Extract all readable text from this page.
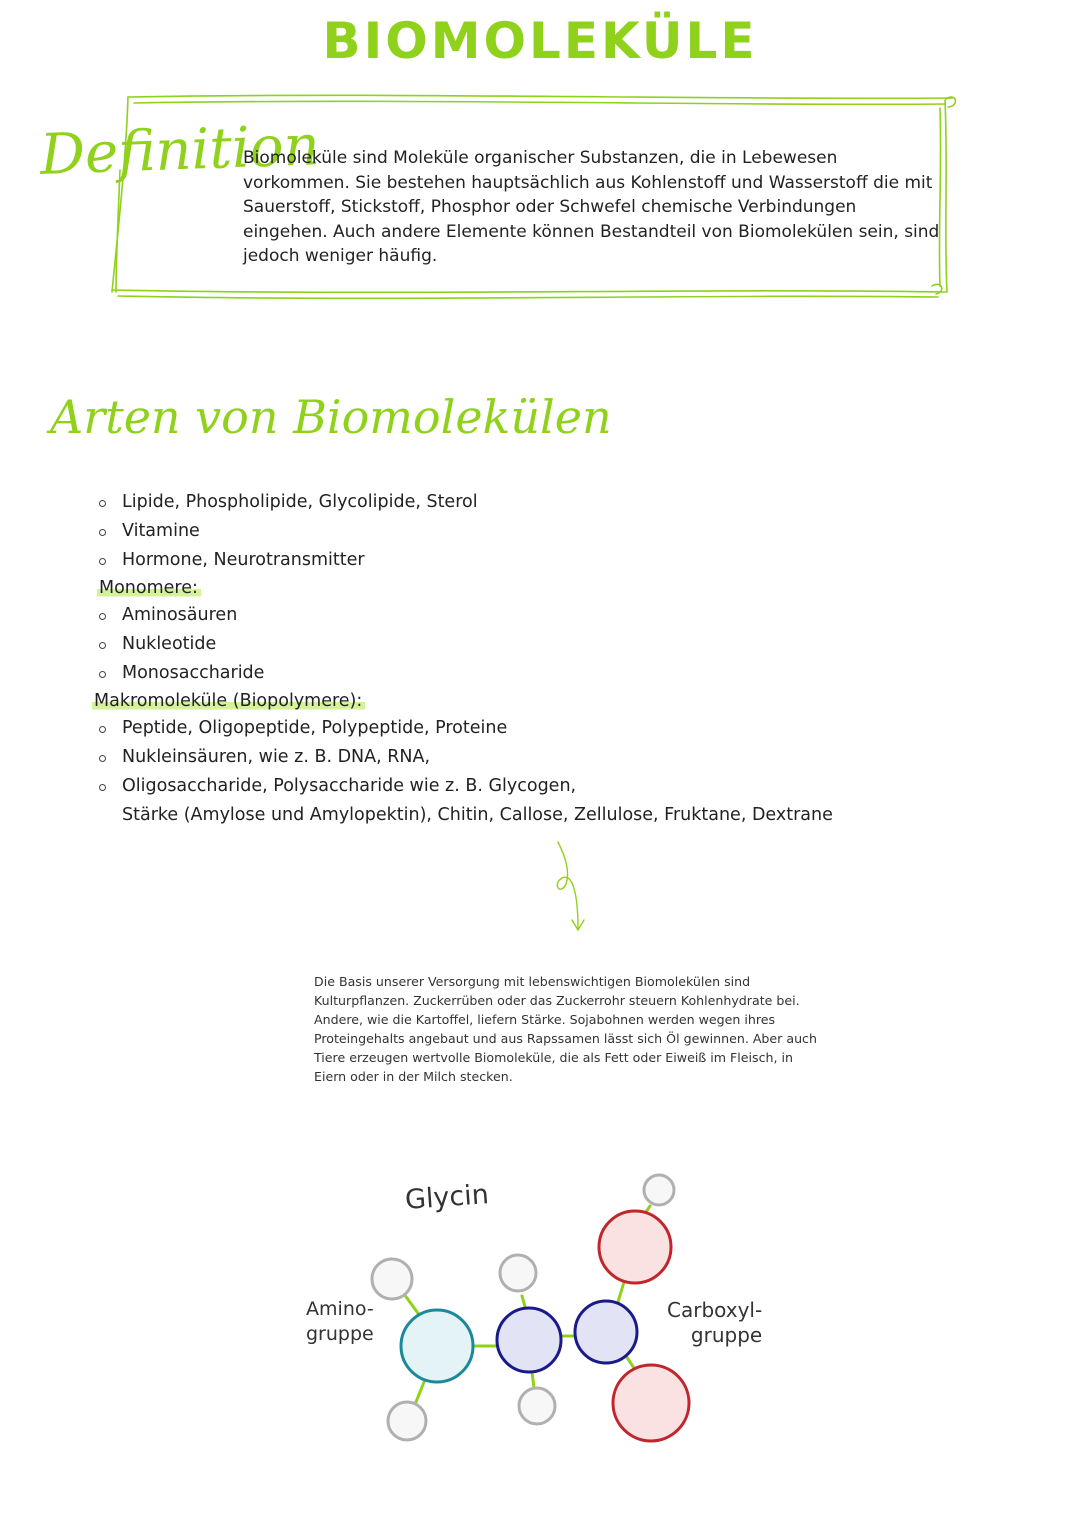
BIOMOLEKÜLE
Definition
Biomoleküle sind Moleküle organischer Substanzen, die in Lebewesen vorkommen. Sie bestehen hauptsächlich aus Kohlenstoff und Wasserstoff die mit Sauerstoff, Stickstoff, Phosphor oder Schwefel chemische Verbindungen eingehen. Auch andere Elemente können Bestandteil von Biomolekülen sein, sind jedoch weniger häufig.
Arten von Biomolekülen
Lipide, Phospholipide, Glycolipide, Sterol
Vitamine
Hormone, Neurotransmitter
Monomere:
Aminosäuren
Nukleotide
Monosaccharide
Makromoleküle (Biopolymere):
Peptide, Oligopeptide, Polypeptide, Proteine
Nukleinsäuren, wie z. B. DNA, RNA,
Oligosaccharide, Polysaccharide wie z. B. Glycogen,
Stärke (Amylose und Amylopektin), Chitin, Callose, Zellulose, Fruktane, Dextrane
Die Basis unserer Versorgung mit lebenswichtigen Biomolekülen sind Kulturpflanzen. Zuckerrüben oder das Zuckerrohr steuern Kohlenhydrate bei. Andere, wie die Kartoffel, liefern Stärke. Sojabohnen werden wegen ihres Proteingehalts angebaut und aus Rapssamen lässt sich Öl gewinnen. Aber auch Tiere erzeugen wertvolle Biomoleküle, die als Fett oder Eiweiß im Fleisch, in Eiern oder in der Milch stecken.
Glycin
Amino-
gruppe
Carboxyl-
gruppe
